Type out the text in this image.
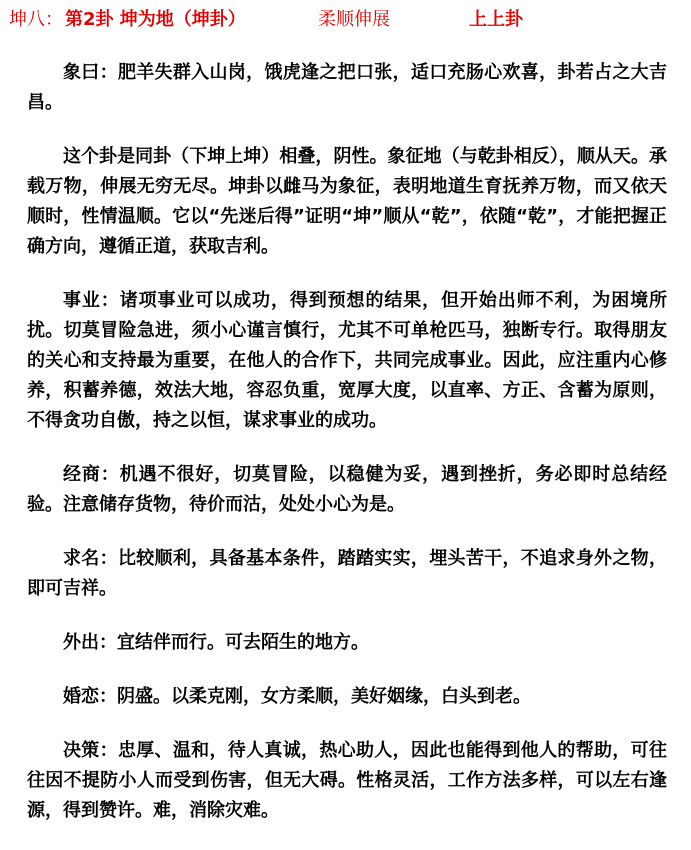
坤八： 第2卦 坤为地（坤卦）	柔顺伸展	上上卦

象曰：肥羊失群入山岗，饿虎逢之把口张，适口充肠心欢喜，卦若占之大吉昌。

这个卦是同卦（下坤上坤）相叠，阴性。象征地（与乾卦相反），顺从天。承载万物，伸展无穷无尽。坤卦以雌马为象征，表明地道生育抚养万物，而又依天顺时，性情温顺。它以“先迷后得”证明“坤”顺从“乾”，依随“乾”，才能把握正确方向，遵循正道，获取吉利。

事业：诸项事业可以成功，得到预想的结果，但开始出师不利，为困境所扰。切莫冒险急进，须小心谨言慎行，尤其不可单枪匹马，独断专行。取得朋友的关心和支持最为重要，在他人的合作下，共同完成事业。因此，应注重内心修养，积蓄养德，效法大地，容忍负重，宽厚大度，以直率、方正、含蓄为原则，不得贪功自傲，持之以恒，谋求事业的成功。

经商：机遇不很好，切莫冒险，以稳健为妥，遇到挫折，务必即时总结经验。注意储存货物，待价而沽，处处小心为是。

求名：比较顺利，具备基本条件，踏踏实实，埋头苦干，不追求身外之物，即可吉祥。

外出：宜结伴而行。可去陌生的地方。

婚恋：阴盛。以柔克刚，女方柔顺，美好姻缘，白头到老。

决策：忠厚、温和，待人真诚，热心助人，因此也能得到他人的帮助，可往往因不提防小人而受到伤害，但无大碍。性格灵活，工作方法多样，可以左右逢源，得到赞许。难，消除灾难。
